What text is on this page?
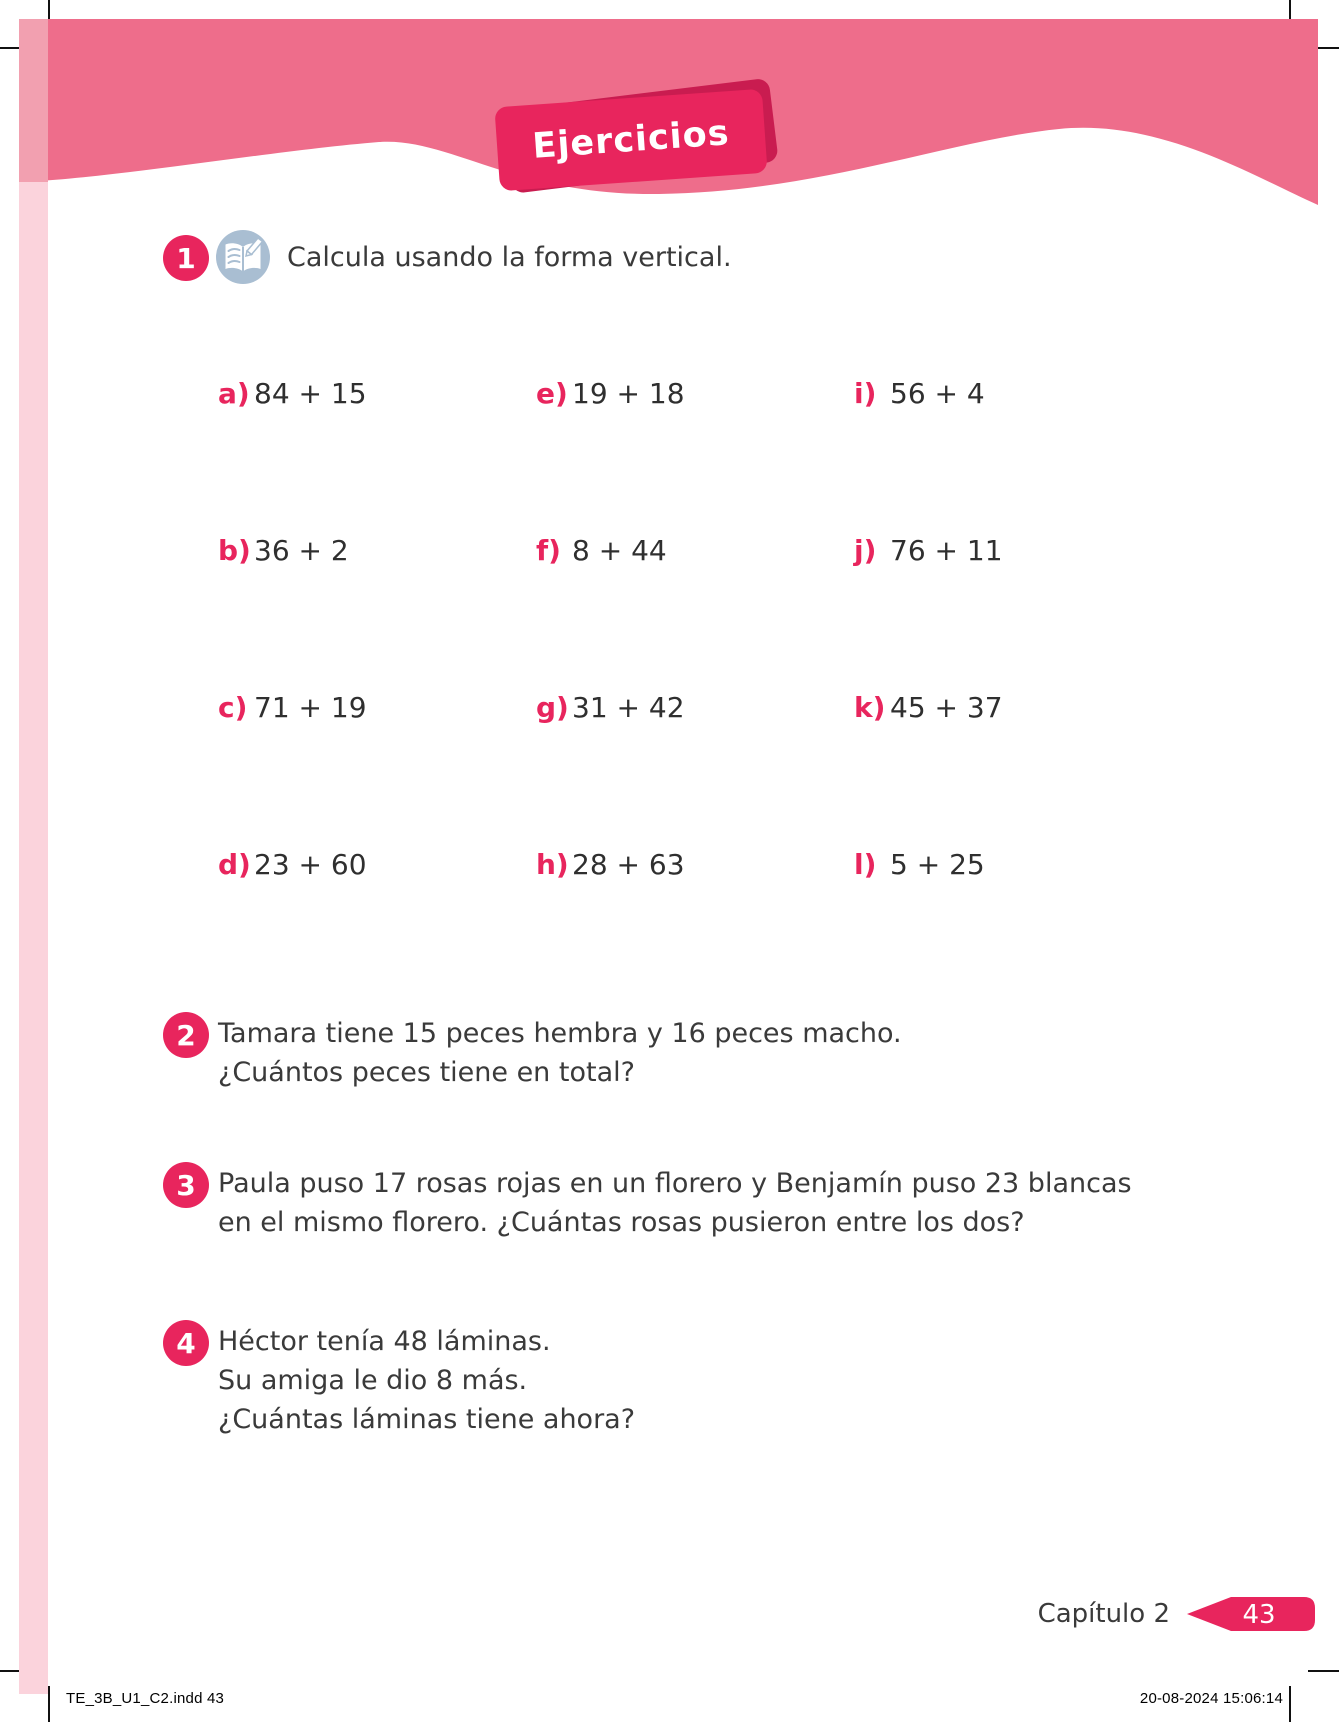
Ejercicios
1	Calcula usando la forma vertical.
a) 84 + 15	e) 19 + 18	i) 56 + 4
b) 36 + 2	f) 8 + 44	j) 76 + 11
c) 71 + 19	g) 31 + 42	k) 45 + 37
d) 23 + 60	h) 28 + 63	l) 5 + 25
2 Tamara tiene 15 peces hembra y 16 peces macho.
¿Cuántos peces tiene en total?
3 Paula puso 17 rosas rojas en un florero y Benjamín puso 23 blancas
en el mismo florero. ¿Cuántas rosas pusieron entre los dos?
4 Héctor tenía 48 láminas.
Su amiga le dio 8 más.
¿Cuántas láminas tiene ahora?
Capítulo 2	43
TE_3B_U1_C2.indd 43	20-08-2024 15:06:14
